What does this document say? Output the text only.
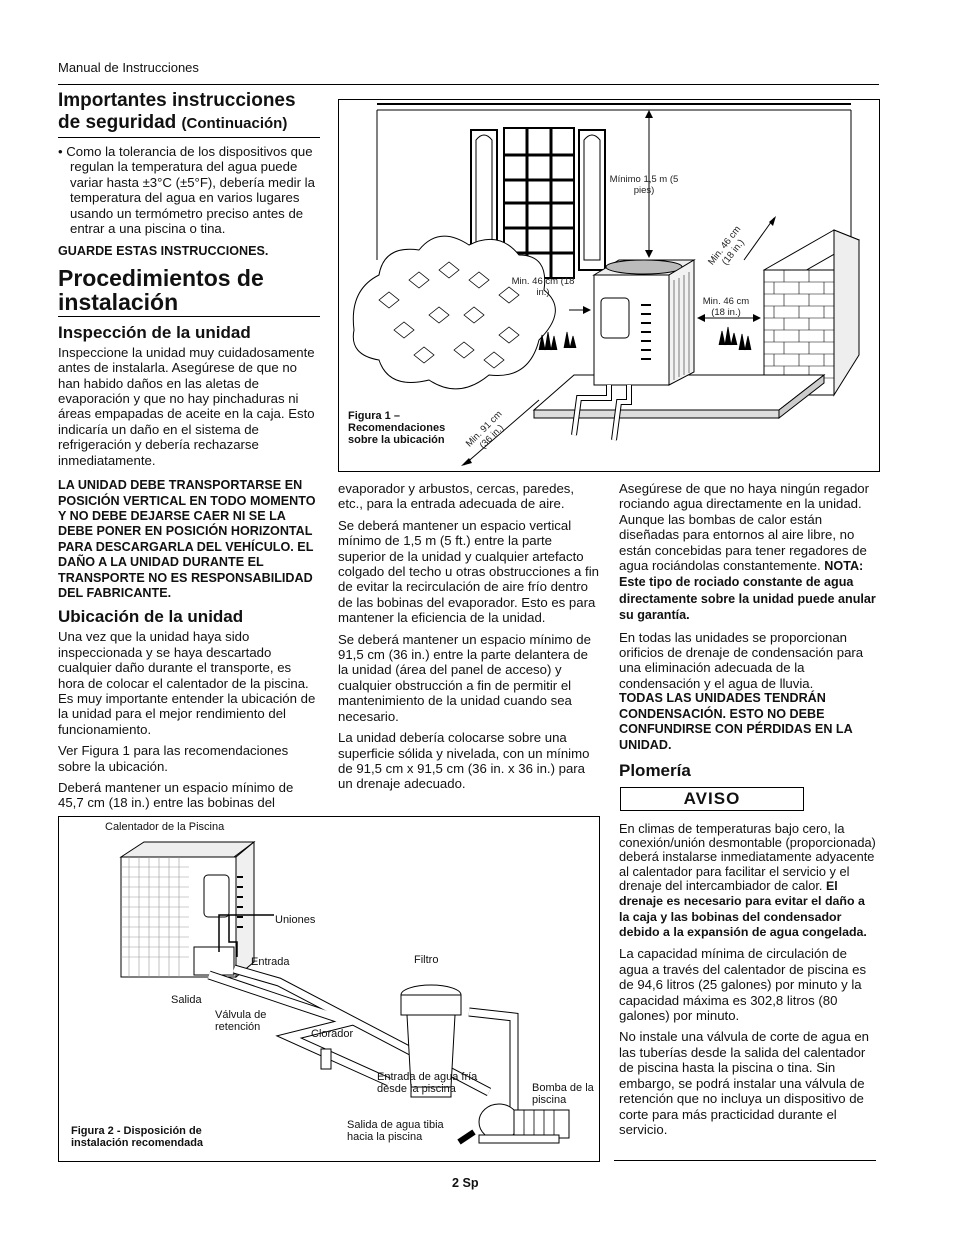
Manual de Instrucciones
Importantes instrucciones de seguridad (Continuación)

• Como la tolerancia de los dispositivos que regulan la temperatura del agua puede variar hasta ±3°C (±5°F), debería medir la temperatura del agua en varios lugares usando un termómetro preciso antes de entrar a una piscina o tina.

GUARDE ESTAS INSTRUCCIONES.

Procedimientos de instalación
Inspección de la unidad

Inspeccione la unidad muy cuidadosamente antes de instalarla. Asegúrese de que no han habido daños en las aletas de evaporación y que no hay pinchaduras ni áreas empapadas de aceite en la caja. Esto indicaría un daño en el sistema de refrigeración y debería rechazarse inmediatamente.

LA UNIDAD DEBE TRANSPORTARSE EN POSICIÓN VERTICAL EN TODO MOMENTO Y NO DEBE DEJARSE CAER NI SE LA DEBE PONER EN POSICIÓN HORIZONTAL PARA DESCARGARLA DEL VEHÍCULO. EL DAÑO A LA UNIDAD DURANTE EL TRANSPORTE NO ES RESPONSABILIDAD DEL FABRICANTE.

Ubicación de la unidad

Una vez que la unidad haya sido inspeccionada y se haya descartado cualquier daño durante el transporte, es hora de colocar el calentador de la piscina. Es muy importante entender la ubicación de la unidad para el mejor rendimiento del funcionamiento.

Ver Figura 1 para las recomendaciones sobre la ubicación.

Deberá mantener un espacio mínimo de 45,7 cm (18 in.) entre las bobinas del

evaporador y arbustos, cercas, paredes, etc., para la entrada adecuada de aire.

Se deberá mantener un espacio vertical mínimo de 1,5 m (5 ft.) entre la parte superior de la unidad y cualquier artefacto colgado del techo u otras obstrucciones a fin de evitar la recirculación de aire frío dentro de las bobinas del evaporador. Esto es para mantener la eficiencia de la unidad.

Se deberá mantener un espacio mínimo de 91,5 cm (36 in.) entre la parte delantera de la unidad (área del panel de acceso) y cualquier obstrucción a fin de permitir el mantenimiento de la unidad cuando sea necesario.

La unidad debería colocarse sobre una superficie sólida y nivelada, con un mínimo de 91,5 cm x 91,5 cm (36 in. x 36 in.) para un drenaje adecuado.

Asegúrese de que no haya ningún regador rociando agua directamente en la unidad. Aunque las bombas de calor están diseñadas para entornos al aire libre, no están concebidas para tener regadores de agua rociándolas constantemente. NOTA: Este tipo de rociado constante de agua directamente sobre la unidad puede anular su garantía.

En todas las unidades se proporcionan orificios de drenaje de condensación para una eliminación adecuada de la condensación y el agua de lluvia.

TODAS LAS UNIDADES TENDRÁN CONDENSACIÓN. ESTO NO DEBE CONFUNDIRSE CON PÉRDIDAS EN LA UNIDAD.

Plomería
AVISO

En climas de temperaturas bajo cero, la conexión/unión desmontable (proporcionada) deberá instalarse inmediatamente adyacente al calentador para facilitar el servicio y el drenaje del intercambiador de calor. El drenaje es necesario para evitar el daño a la caja y las bobinas del condensador debido a la expansión de agua congelada.

La capacidad mínima de circulación de agua a través del calentador de piscina es de 94,6 litros (25 galones) por minuto y la capacidad máxima es 302,8 litros (80 galones) por minuto.

No instale una válvula de corte de agua en las tuberías desde la salida del calentador de piscina hasta la piscina o tina. Sin embargo, se podrá instalar una válvula de retención que no incluya un dispositivo de corte para más practicidad durante el servicio.

Mínimo 1,5 m (5 pies)
Min. 46 cm (18 in.)
Min. 46 cm (18 in.)
Min. 46 cm (18 in.)
Min. 91 cm (36 in.)
Figura 1 – Recomendaciones sobre la ubicación
Calentador de la Piscina
Uniones
Entrada
Salida
Válvula de retención
Clorador
Filtro
Entrada de agua fría desde la piscina	Bomba de la piscina
Salida de agua tibia hacia la piscina
Figura 2 - Disposición de instalación recomendada
2 Sp
